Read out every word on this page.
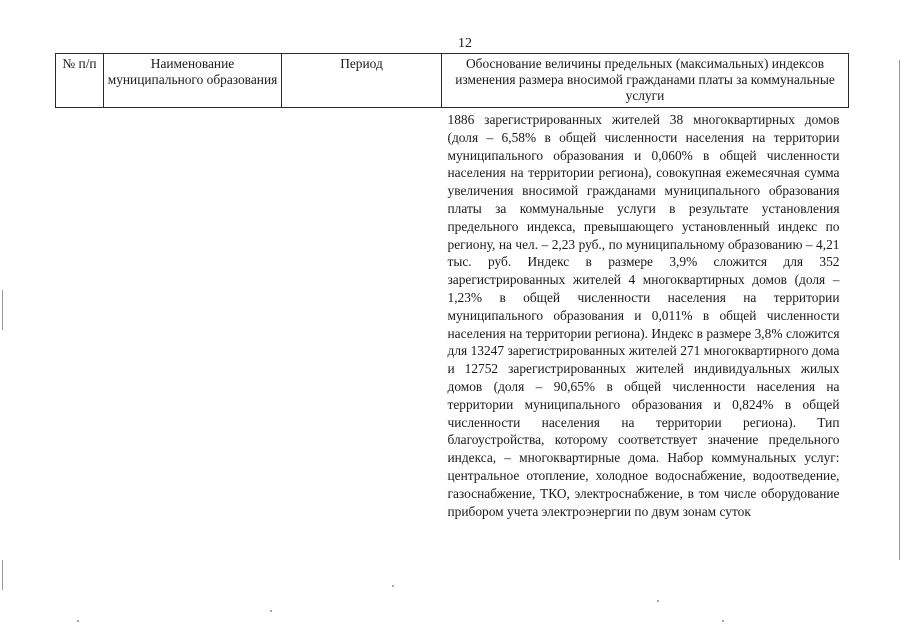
12
№ п/п	Наименование муниципального образования	Период	Обоснование величины предельных (максимальных) индексов изменения размера вносимой гражданами платы за коммунальные услуги

			1886 зарегистрированных жителей 38 многоквартирных домов (доля – 6,58% в общей численности населения на территории муниципального образования и 0,060% в общей численности населения на территории региона), совокупная ежемесячная сумма увеличения вносимой гражданами муниципального образования платы за коммунальные услуги в результате установления предельного индекса, превышающего установленный индекс по региону, на чел. – 2,23 руб., по муниципальному образованию – 4,21 тыс. руб. Индекс в размере 3,9% сложится для 352 зарегистрированных жителей 4 многоквартирных домов (доля – 1,23% в общей численности населения на территории муниципального образования и 0,011% в общей численности населения на территории региона). Индекс в размере 3,8% сложится для 13247 зарегистрированных жителей 271 многоквартирного дома и 12752 зарегистрированных жителей индивидуальных жилых домов (доля – 90,65% в общей численности населения на территории муниципального образования и 0,824% в общей численности населения на территории региона). Тип благоустройства, которому соответствует значение предельного индекса, – многоквартирные дома. Набор коммунальных услуг: центральное отопление, холодное водоснабжение, водоотведение, газоснабжение, ТКО, электроснабжение, в том числе оборудование прибором учета электроэнергии по двум зонам суток
